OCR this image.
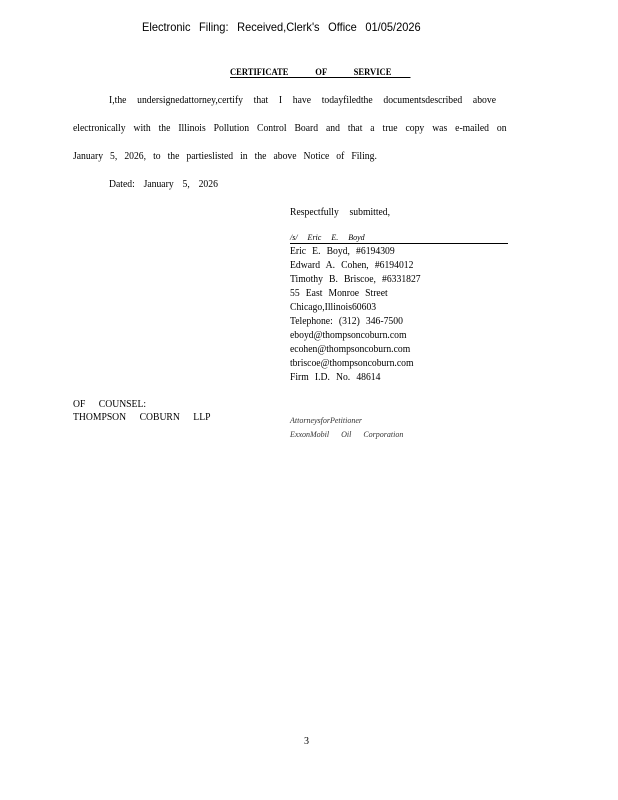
Electronic Filing: Received,Clerk's Office 01/05/2026
CERTIFICATE OF SERVICE
I,the undersignedattorney,certify that I have todayfiledthe documentsdescribed above
electronically with the Illinois Pollution Control Board and that a true copy was e-mailed on
January 5, 2026, to the partieslisted in the above Notice of Filing.
Dated: January 5, 2026
Respectfully submitted,
/s/ Eric E. Boyd
Eric E. Boyd, #6194309
Edward A. Cohen, #6194012
Timothy B. Briscoe, #6331827
55 East Monroe Street
Chicago,Illinois60603
Telephone: (312) 346-7500
eboyd@thompsoncoburn.com
ecohen@thompsoncoburn.com
tbriscoe@thompsoncoburn.com
Firm I.D. No. 48614
OF COUNSEL:
THOMPSON COBURN LLP	AttorneysforPetitioner
ExxonMobil Oil Corporation
3
